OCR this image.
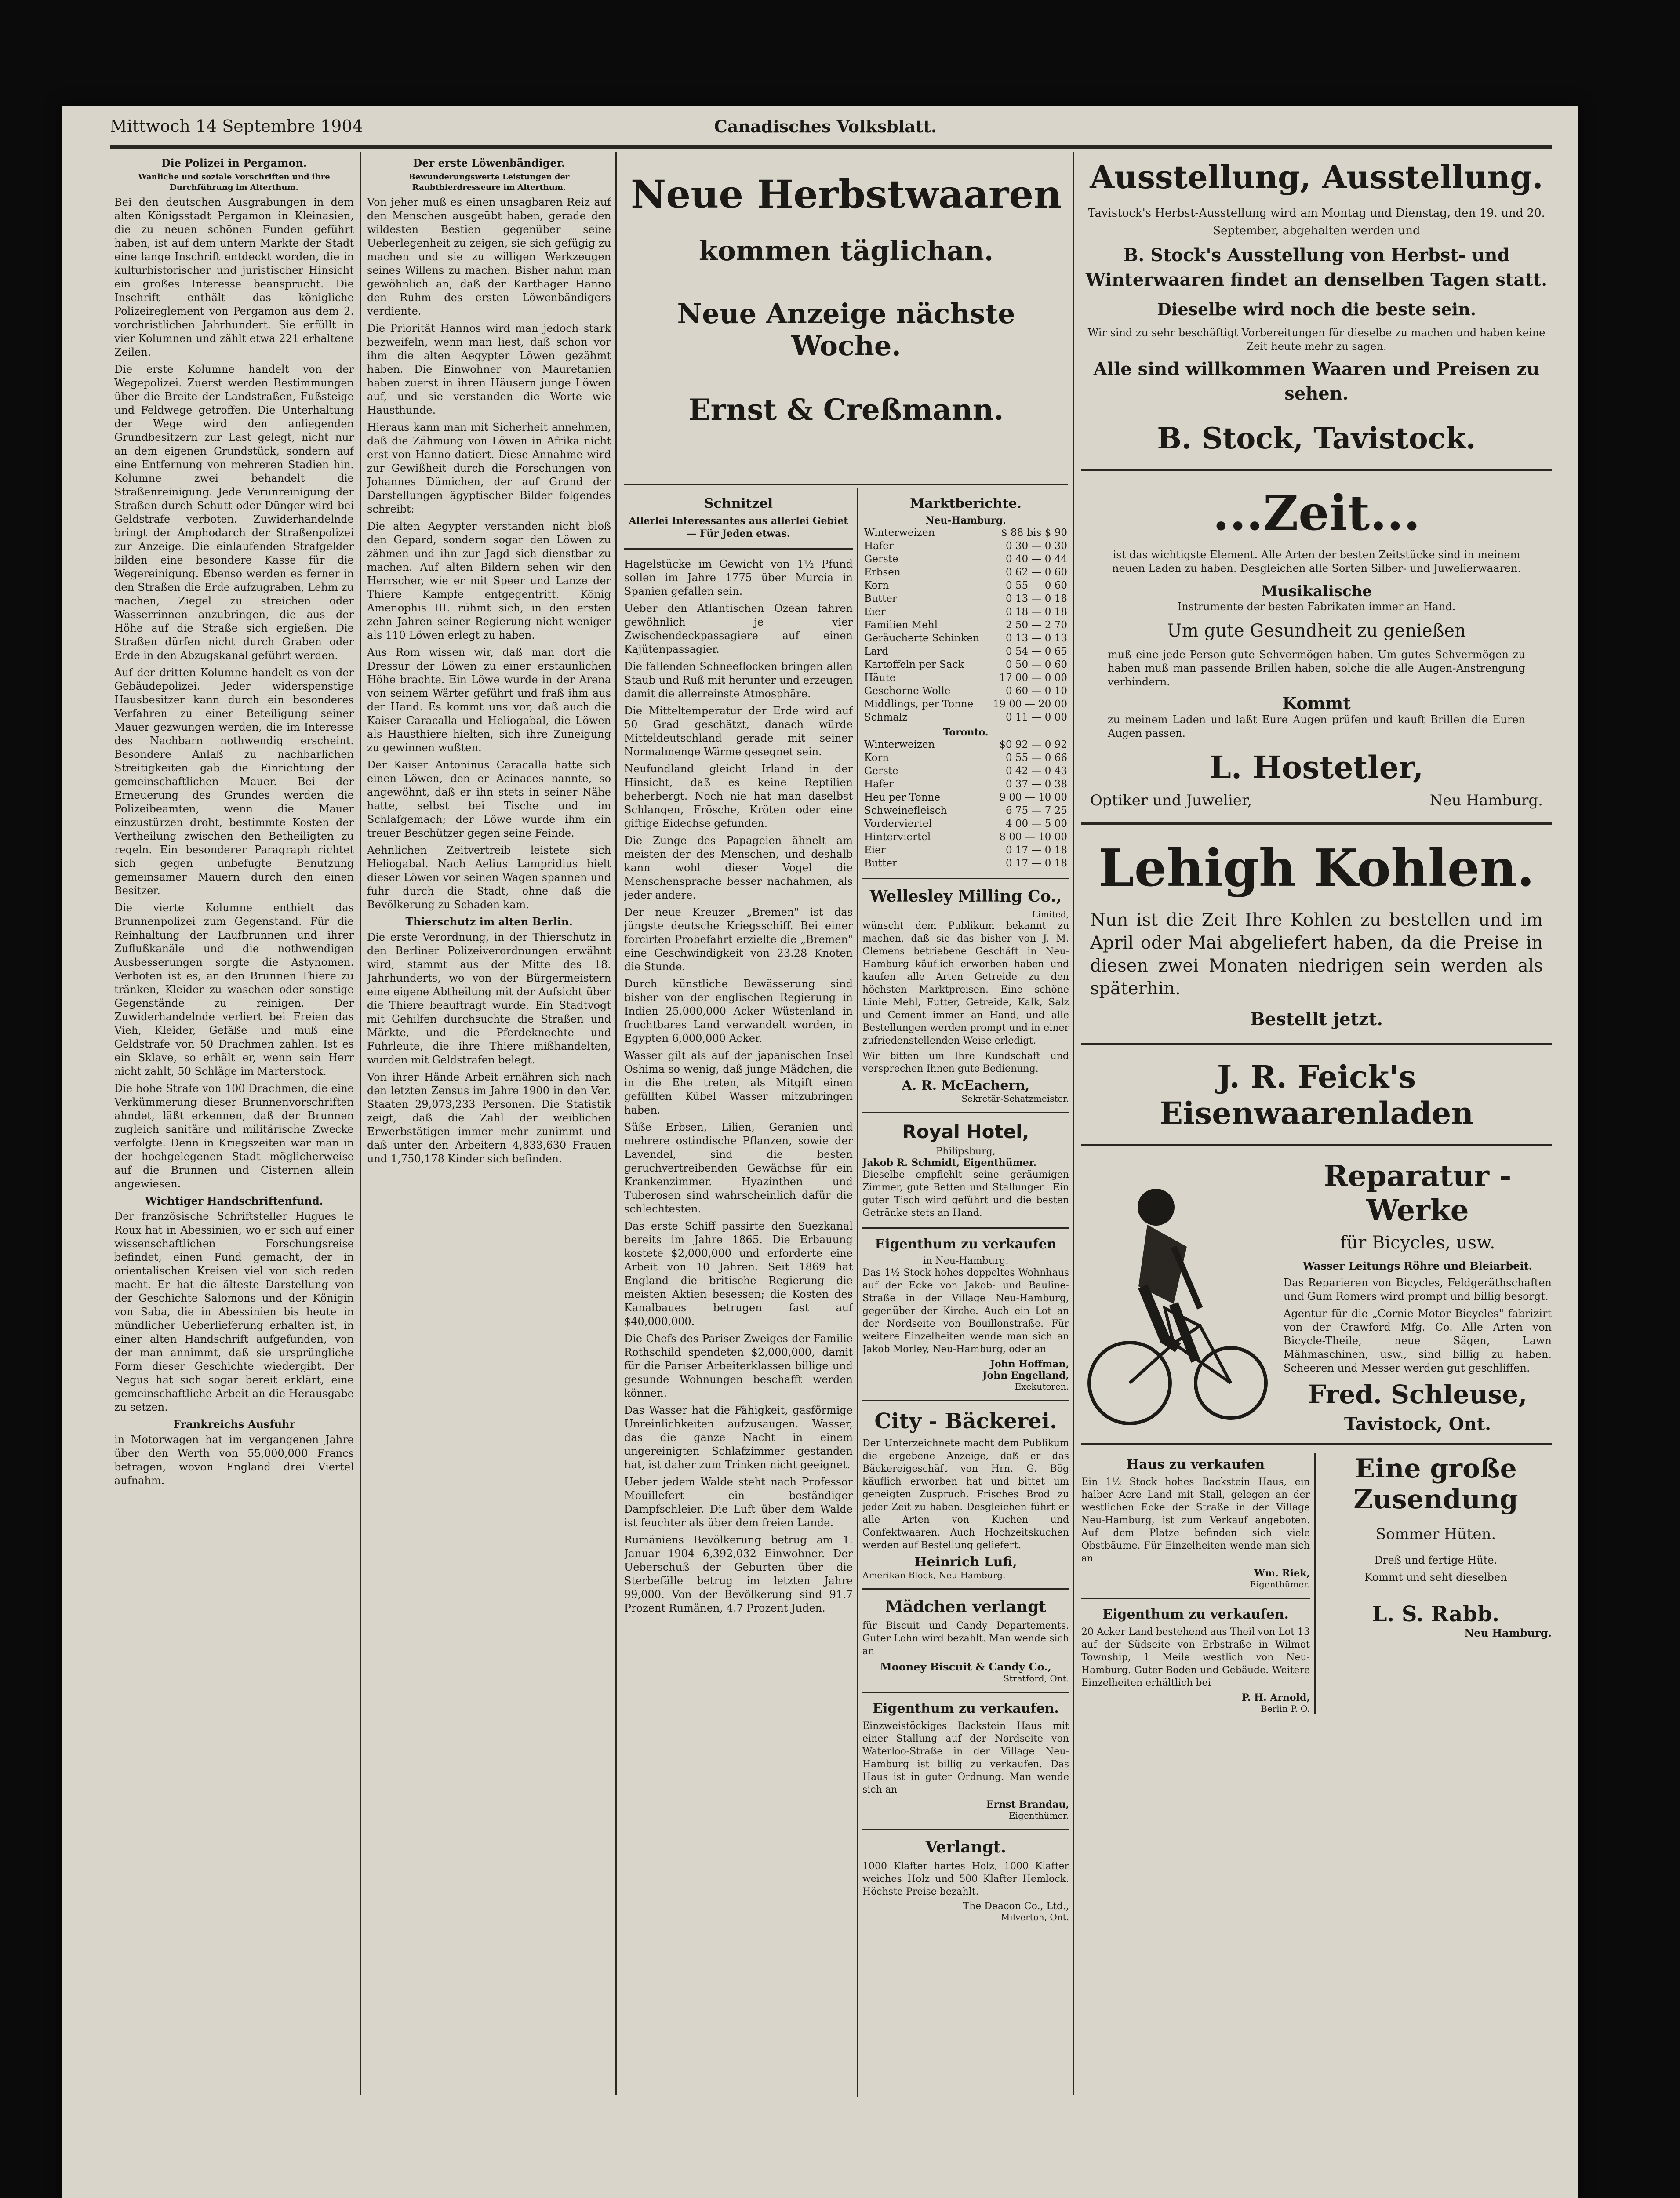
Mittwoch 14 Septembre 1904	Canadisches Volksblatt.
Die Polizei in Pergamon.
Wanliche und soziale Vorschriften und ihre Durchführung im Alterthum.

Bei den deutschen Ausgrabungen in dem alten Königsstadt Pergamon in Kleinasien, die zu neuen schönen Funden geführt haben, ist auf dem untern Markte der Stadt eine lange Inschrift entdeckt worden, die in kulturhistorischer und juristischer Hinsicht ein großes Interesse beansprucht. Die Inschrift enthält das königliche Polizeireglement von Pergamon aus dem 2. vorchristlichen Jahrhundert. Sie erfüllt in vier Kolumnen und zählt etwa 221 erhaltene Zeilen.

Die erste Kolumne handelt von der Wegepolizei. Zuerst werden Bestimmungen über die Breite der Landstraßen, Fußsteige und Feldwege getroffen. Die Unterhaltung der Wege wird den anliegenden Grundbesitzern zur Last gelegt, nicht nur an dem eigenen Grundstück, sondern auf eine Entfernung von mehreren Stadien hin. Kolumne zwei behandelt die Straßenreinigung. Jede Verunreinigung der Straßen durch Schutt oder Dünger wird bei Geldstrafe verboten. Zuwiderhandelnde bringt der Amphodarch der Straßenpolizei zur Anzeige. Die einlaufenden Strafgelder bilden eine besondere Kasse für die Wegereinigung. Ebenso werden es ferner in den Straßen die Erde aufzugraben, Lehm zu machen, Ziegel zu streichen oder Wasserrinnen anzubringen, die aus der Höhe auf die Straße sich ergießen. Die Straßen dürfen nicht durch Graben oder Erde in den Abzugskanal geführt werden.

Auf der dritten Kolumne handelt es von der Gebäudepolizei. Jeder widerspenstige Hausbesitzer kann durch ein besonderes Verfahren zu einer Beteiligung seiner Mauer gezwungen werden, die im Interesse des Nachbarn nothwendig erscheint. Besondere Anlaß zu nachbarlichen Streitigkeiten gab die Einrichtung der gemeinschaftlichen Mauer. Bei der Erneuerung des Grundes werden die Polizeibeamten, wenn die Mauer einzustürzen droht, bestimmte Kosten der Vertheilung zwischen den Betheiligten zu regeln. Ein besonderer Paragraph richtet sich gegen unbefugte Benutzung gemeinsamer Mauern durch den einen Besitzer.

Die vierte Kolumne enthielt das Brunnenpolizei zum Gegenstand. Für die Reinhaltung der Laufbrunnen und ihrer Zuflußkanäle und die nothwendigen Ausbesserungen sorgte die Astynomen. Verboten ist es, an den Brunnen Thiere zu tränken, Kleider zu waschen oder sonstige Gegenstände zu reinigen. Der Zuwiderhandelnde verliert bei Freien das Vieh, Kleider, Gefäße und muß eine Geldstrafe von 50 Drachmen zahlen. Ist es ein Sklave, so erhält er, wenn sein Herr nicht zahlt, 50 Schläge im Marterstock.

Die hohe Strafe von 100 Drachmen, die eine Verkümmerung dieser Brunnenvorschriften ahndet, läßt erkennen, daß der Brunnen zugleich sanitäre und militärische Zwecke verfolgte. Denn in Kriegszeiten war man in der hochgelegenen Stadt möglicherweise auf die Brunnen und Cisternen allein angewiesen.

Wichtiger Handschriftenfund.

Der französische Schriftsteller Hugues le Roux hat in Abessinien, wo er sich auf einer wissenschaftlichen Forschungsreise befindet, einen Fund gemacht, der in orientalischen Kreisen viel von sich reden macht. Er hat die älteste Darstellung von der Geschichte Salomons und der Königin von Saba, die in Abessinien bis heute in mündlicher Ueberlieferung erhalten ist, in einer alten Handschrift aufgefunden, von der man annimmt, daß sie ursprüngliche Form dieser Geschichte wiedergibt. Der Negus hat sich sogar bereit erklärt, eine gemeinschaftliche Arbeit an die Herausgabe zu setzen.

Frankreichs Ausfuhr

in Motorwagen hat im vergangenen Jahre über den Werth von 55,000,000 Francs betragen, wovon England drei Viertel aufnahm.

Der erste Löwenbändiger.
Bewunderungswerte Leistungen der Raubthierdresseure im Alterthum.

Von jeher muß es einen unsagbaren Reiz auf den Menschen ausgeübt haben, gerade den wildesten Bestien gegenüber seine Ueberlegenheit zu zeigen, sie sich gefügig zu machen und sie zu willigen Werkzeugen seines Willens zu machen. Bisher nahm man gewöhnlich an, daß der Karthager Hanno den Ruhm des ersten Löwenbändigers verdiente.

Die Priorität Hannos wird man jedoch stark bezweifeln, wenn man liest, daß schon vor ihm die alten Aegypter Löwen gezähmt haben. Die Einwohner von Mauretanien haben zuerst in ihren Häusern junge Löwen auf, und sie verstanden die Worte wie Hausthunde.

Hieraus kann man mit Sicherheit annehmen, daß die Zähmung von Löwen in Afrika nicht erst von Hanno datiert. Diese Annahme wird zur Gewißheit durch die Forschungen von Johannes Dümichen, der auf Grund der Darstellungen ägyptischer Bilder folgendes schreibt:

Die alten Aegypter verstanden nicht bloß den Gepard, sondern sogar den Löwen zu zähmen und ihn zur Jagd sich dienstbar zu machen. Auf alten Bildern sehen wir den Herrscher, wie er mit Speer und Lanze der Thiere Kampfe entgegentritt. König Amenophis III. rühmt sich, in den ersten zehn Jahren seiner Regierung nicht weniger als 110 Löwen erlegt zu haben.

Aus Rom wissen wir, daß man dort die Dressur der Löwen zu einer erstaunlichen Höhe brachte. Ein Löwe wurde in der Arena von seinem Wärter geführt und fraß ihm aus der Hand. Es kommt uns vor, daß auch die Kaiser Caracalla und Heliogabal, die Löwen als Hausthiere hielten, sich ihre Zuneigung zu gewinnen wußten.

Der Kaiser Antoninus Caracalla hatte sich einen Löwen, den er Acinaces nannte, so angewöhnt, daß er ihn stets in seiner Nähe hatte, selbst bei Tische und im Schlafgemach; der Löwe wurde ihm ein treuer Beschützer gegen seine Feinde.

Aehnlichen Zeitvertreib leistete sich Heliogabal. Nach Aelius Lampridius hielt dieser Löwen vor seinen Wagen spannen und fuhr durch die Stadt, ohne daß die Bevölkerung zu Schaden kam.

Thierschutz im alten Berlin.

Die erste Verordnung, in der Thierschutz in den Berliner Polizeiverordnungen erwähnt wird, stammt aus der Mitte des 18. Jahrhunderts, wo von der Bürgermeistern eine eigene Abtheilung mit der Aufsicht über die Thiere beauftragt wurde. Ein Stadtvogt mit Gehilfen durchsuchte die Straßen und Märkte, und die Pferdeknechte und Fuhrleute, die ihre Thiere mißhandelten, wurden mit Geldstrafen belegt.

Von ihrer Hände Arbeit ernähren sich nach den letzten Zensus im Jahre 1900 in den Ver. Staaten 29,073,233 Personen. Die Statistik zeigt, daß die Zahl der weiblichen Erwerbstätigen immer mehr zunimmt und daß unter den Arbeitern 4,833,630 Frauen und 1,750,178 Kinder sich befinden.

Neue Herbstwaaren
kommen täglichan.
Neue Anzeige nächste Woche.
Ernst & Creßmann.
Schnitzel
Allerlei Interessantes aus allerlei Gebiet — Für Jeden etwas.

Hagelstücke im Gewicht von 1½ Pfund sollen im Jahre 1775 über Murcia in Spanien gefallen sein.

Ueber den Atlantischen Ozean fahren gewöhnlich je vier Zwischendeckpassagiere auf einen Kajütenpassagier.

Die fallenden Schneeflocken bringen allen Staub und Ruß mit herunter und erzeugen damit die allerreinste Atmosphäre.

Die Mitteltemperatur der Erde wird auf 50 Grad geschätzt, danach würde Mitteldeutschland gerade mit seiner Normalmenge Wärme gesegnet sein.

Neufundland gleicht Irland in der Hinsicht, daß es keine Reptilien beherbergt. Noch nie hat man daselbst Schlangen, Frösche, Kröten oder eine giftige Eidechse gefunden.

Die Zunge des Papageien ähnelt am meisten der des Menschen, und deshalb kann wohl dieser Vogel die Menschensprache besser nachahmen, als jeder andere.

Der neue Kreuzer „Bremen" ist das jüngste deutsche Kriegsschiff. Bei einer forcirten Probefahrt erzielte die „Bremen" eine Geschwindigkeit von 23.28 Knoten die Stunde.

Durch künstliche Bewässerung sind bisher von der englischen Regierung in Indien 25,000,000 Acker Wüstenland in fruchtbares Land verwandelt worden, in Egypten 6,000,000 Acker.

Wasser gilt als auf der japanischen Insel Oshima so wenig, daß junge Mädchen, die in die Ehe treten, als Mitgift einen gefüllten Kübel Wasser mitzubringen haben.

Süße Erbsen, Lilien, Geranien und mehrere ostindische Pflanzen, sowie der Lavendel, sind die besten geruchvertreibenden Gewächse für ein Krankenzimmer. Hyazinthen und Tuberosen sind wahrscheinlich dafür die schlechtesten.

Das erste Schiff passirte den Suezkanal bereits im Jahre 1865. Die Erbauung kostete $2,000,000 und erforderte eine Arbeit von 10 Jahren. Seit 1869 hat England die britische Regierung die meisten Aktien besessen; die Kosten des Kanalbaues betrugen fast auf $40,000,000.

Die Chefs des Pariser Zweiges der Familie Rothschild spendeten $2,000,000, damit für die Pariser Arbeiterklassen billige und gesunde Wohnungen beschafft werden können.

Das Wasser hat die Fähigkeit, gasförmige Unreinlichkeiten aufzusaugen. Wasser, das die ganze Nacht in einem ungereinigten Schlafzimmer gestanden hat, ist daher zum Trinken nicht geeignet.

Ueber jedem Walde steht nach Professor Mouillefert ein beständiger Dampfschleier. Die Luft über dem Walde ist feuchter als über dem freien Lande.

Rumäniens Bevölkerung betrug am 1. Januar 1904 6,392,032 Einwohner. Der Ueberschuß der Geburten über die Sterbefälle betrug im letzten Jahre 99,000. Von der Bevölkerung sind 91.7 Prozent Rumänen, 4.7 Prozent Juden.

Marktberichte.
Neu-Hamburg.
Winterweizen	$ 88 bis $ 90
Hafer	0 30 — 0 30
Gerste	0 40 — 0 44
Erbsen	0 62 — 0 60
Korn	0 55 — 0 60
Butter	0 13 — 0 18
Eier	0 18 — 0 18
Familien Mehl	2 50 — 2 70
Geräucherte Schinken	0 13 — 0 13
Lard	0 54 — 0 65
Kartoffeln per Sack	0 50 — 0 60
Häute	17 00 — 0 00
Geschorne Wolle	0 60 — 0 10
Middlings, per Tonne	19 00 — 20 00
Schmalz	0 11 — 0 00
Toronto.
Winterweizen	$0 92 — 0 92
Korn	0 55 — 0 66
Gerste	0 42 — 0 43
Hafer	0 37 — 0 38
Heu per Tonne	9 00 — 10 00
Schweinefleisch	6 75 — 7 25
Vorderviertel	4 00 — 5 00
Hinterviertel	8 00 — 10 00
Eier	0 17 — 0 18
Butter	0 17 — 0 18
Wellesley Milling Co.,
Limited,

wünscht dem Publikum bekannt zu machen, daß sie das bisher von J. M. Clemens betriebene Geschäft in Neu-Hamburg käuflich erworben haben und kaufen alle Arten Getreide zu den höchsten Marktpreisen. Eine schöne Linie Mehl, Futter, Getreide, Kalk, Salz und Cement immer an Hand, und alle Bestellungen werden prompt und in einer zufriedenstellenden Weise erledigt.

Wir bitten um Ihre Kundschaft und versprechen Ihnen gute Bedienung.

A. R. McEachern,
Sekretär-Schatzmeister.
Royal Hotel,
Philipsburg,
Jakob R. Schmidt, Eigenthümer.

Dieselbe empfiehlt seine geräumigen Zimmer, gute Betten und Stallungen. Ein guter Tisch wird geführt und die besten Getränke stets an Hand.

Eigenthum zu verkaufen
in Neu-Hamburg.

Das 1½ Stock hohes doppeltes Wohnhaus auf der Ecke von Jakob- und Bauline-Straße in der Village Neu-Hamburg, gegenüber der Kirche. Auch ein Lot an der Nordseite von Bouillonstraße. Für weitere Einzelheiten wende man sich an Jakob Morley, Neu-Hamburg, oder an

John Hoffman,
John Engelland,
Exekutoren.
City - Bäckerei.

Der Unterzeichnete macht dem Publikum die ergebene Anzeige, daß er das Bäckereigeschäft von Hrn. G. Bög käuflich erworben hat und bittet um geneigten Zuspruch. Frisches Brod zu jeder Zeit zu haben. Desgleichen führt er alle Arten von Kuchen und Confektwaaren. Auch Hochzeitskuchen werden auf Bestellung geliefert.

Heinrich Lufi,
Amerikan Block, Neu-Hamburg.
Mädchen verlangt

für Biscuit und Candy Departements. Guter Lohn wird bezahlt. Man wende sich an

Mooney Biscuit & Candy Co.,
Stratford, Ont.
Eigenthum zu verkaufen.

Einzweistöckiges Backstein Haus mit einer Stallung auf der Nordseite von Waterloo-Straße in der Village Neu-Hamburg ist billig zu verkaufen. Das Haus ist in guter Ordnung. Man wende sich an

Ernst Brandau,
Eigenthümer.
Verlangt.

1000 Klafter hartes Holz, 1000 Klafter weiches Holz und 500 Klafter Hemlock. Höchste Preise bezahlt.

The Deacon Co., Ltd.,
Milverton, Ont.
Ausstellung, Ausstellung.

Tavistock's Herbst-Ausstellung wird am Montag und Dienstag, den 19. und 20. September, abgehalten werden und

B. Stock's Ausstellung von Herbst- und Winterwaaren findet an denselben Tagen statt.
Dieselbe wird noch die beste sein.

Wir sind zu sehr beschäftigt Vorbereitungen für dieselbe zu machen und haben keine Zeit heute mehr zu sagen.

Alle sind willkommen Waaren und Preisen zu sehen.
B. Stock, Tavistock.
...Zeit...

ist das wichtigste Element. Alle Arten der besten Zeitstücke sind in meinem neuen Laden zu haben. Desgleichen alle Sorten Silber- und Juwelierwaaren.

Musikalische

Instrumente der besten Fabrikaten immer an Hand.

Um gute Gesundheit zu genießen

muß eine jede Person gute Sehvermögen haben. Um gutes Sehvermögen zu haben muß man passende Brillen haben, solche die alle Augen-Anstrengung verhindern.

Kommt

zu meinem Laden und laßt Eure Augen prüfen und kauft Brillen die Euren Augen passen.

L. Hostetler,
Optiker und Juwelier,	Neu Hamburg.
Lehigh Kohlen.

Nun ist die Zeit Ihre Kohlen zu bestellen und im April oder Mai abgeliefert haben, da die Preise in diesen zwei Monaten niedrigen sein werden als späterhin.

Bestellt jetzt.
J. R. Feick's Eisenwaarenladen
Reparatur - Werke
für Bicycles, usw.

Wasser Leitungs Röhre und Bleiarbeit.

Das Reparieren von Bicycles, Feldgeräthschaften und Gum Romers wird prompt und billig besorgt.

Agentur für die „Cornie Motor Bicycles" fabrizirt von der Crawford Mfg. Co. Alle Arten von Bicycle-Theile, neue Sägen, Lawn Mähmaschinen, usw., sind billig zu haben. Scheeren und Messer werden gut geschliffen.

Fred. Schleuse,
Tavistock, Ont.
Haus zu verkaufen

Ein 1½ Stock hohes Backstein Haus, ein halber Acre Land mit Stall, gelegen an der westlichen Ecke der Straße in der Village Neu-Hamburg, ist zum Verkauf angeboten. Auf dem Platze befinden sich viele Obstbäume. Für Einzelheiten wende man sich an

Wm. Riek,
Eigenthümer.
Eigenthum zu verkaufen.

20 Acker Land bestehend aus Theil von Lot 13 auf der Südseite von Erbstraße in Wilmot Township, 1 Meile westlich von Neu-Hamburg. Guter Boden und Gebäude. Weitere Einzelheiten erhältlich bei

P. H. Arnold,
Berlin P. O.
Eine große
Zusendung
Sommer Hüten.

Dreß und fertige Hüte.

Kommt und seht dieselben

L. S. Rabb.
Neu Hamburg.
